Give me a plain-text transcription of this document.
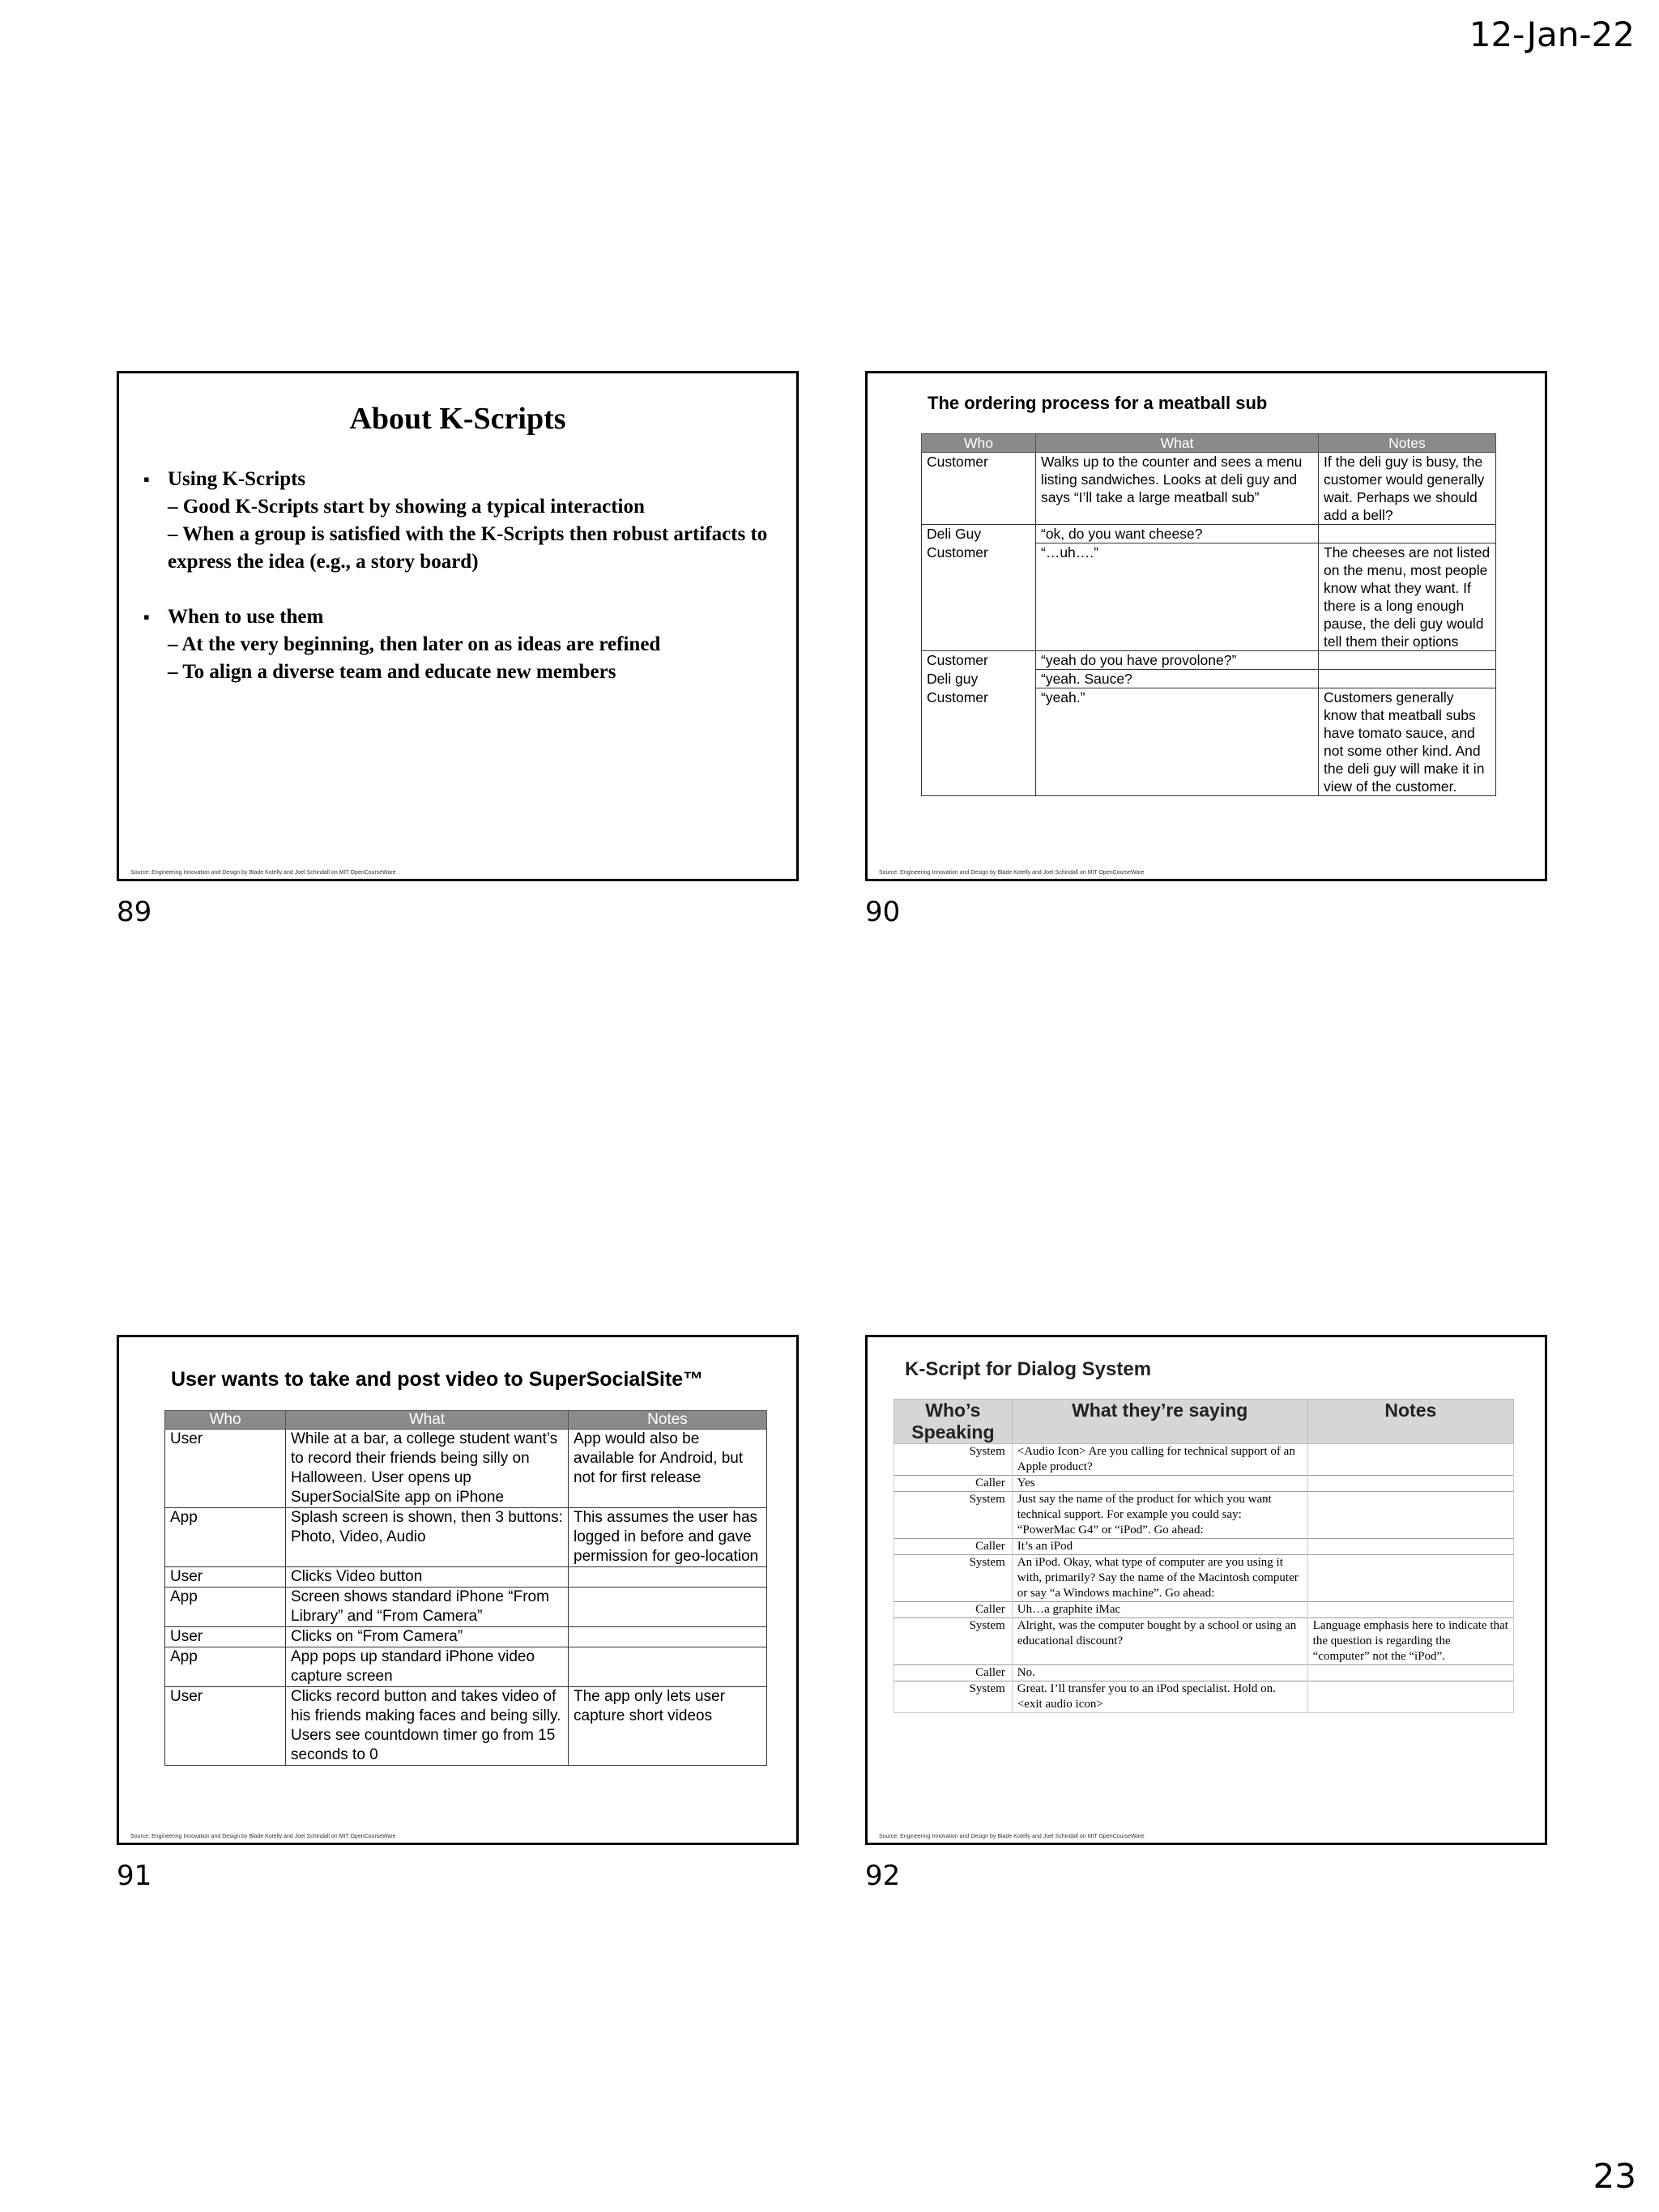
12-Jan-22
About K-Scripts
▪ Using K-Scripts
– Good K-Scripts start by showing a typical interaction
– When a group is satisfied with the K-Scripts then robust artifacts to express the idea (e.g., a story board)
▪ When to use them
– At the very beginning, then later on as ideas are refined
– To align a diverse team and educate new members
Source: Engineering Innovation and Design by Blade Kotelly and Joel Schindall on MIT OpenCourseWare
89
The ordering process for a meatball sub
Who	What	Notes
Customer	Walks up to the counter and sees a menu listing sandwiches. Looks at deli guy and says “I’ll take a large meatball sub”	If the deli guy is busy, the customer would generally wait. Perhaps we should add a bell?
Deli Guy	“ok, do you want cheese?	
Customer	“…uh….”	The cheeses are not listed on the menu, most people know what they want. If there is a long enough pause, the deli guy would tell them their options
Customer	“yeah do you have provolone?”	
Deli guy	“yeah. Sauce?	
Customer	“yeah.”	Customers generally know that meatball subs have tomato sauce, and not some other kind. And the deli guy will make it in view of the customer.
Source: Engineering Innovation and Design by Blade Kotelly and Joel Schindall on MIT OpenCourseWare
90
User wants to take and post video to SuperSocialSite™
Who	What	Notes
User	While at a bar, a college student want’s to record their friends being silly on Halloween. User opens up SuperSocialSite app on iPhone	App would also be available for Android, but not for first release
App	Splash screen is shown, then 3 buttons: Photo, Video, Audio	This assumes the user has logged in before and gave permission for geo-location
User	Clicks Video button	
App	Screen shows standard iPhone “From Library” and “From Camera”	
User	Clicks on “From Camera”	
App	App pops up standard iPhone video capture screen	
User	Clicks record button and takes video of his friends making faces and being silly. Users see countdown timer go from 15 seconds to 0	The app only lets user capture short videos
Source: Engineering Innovation and Design by Blade Kotelly and Joel Schindall on MIT OpenCourseWare
91
K-Script for Dialog System
Who’s Speaking	What they’re saying	Notes
System	<Audio Icon> Are you calling for technical support of an Apple product?	
Caller	Yes	
System	Just say the name of the product for which you want technical support. For example you could say: “PowerMac G4” or “iPod”. Go ahead:	
Caller	It’s an iPod	
System	An iPod. Okay, what type of computer are you using it with, primarily? Say the name of the Macintosh computer or say “a Windows machine”. Go ahead:	
Caller	Uh…a graphite iMac	
System	Alright, was the computer bought by a school or using an educational discount?	Language emphasis here to indicate that the question is regarding the “computer” not the “iPod”.
Caller	No.	
System	Great. I’ll transfer you to an iPod specialist. Hold on.
<exit audio icon>	
Source: Engineering Innovation and Design by Blade Kotelly and Joel Schindall on MIT OpenCourseWare
92
23
